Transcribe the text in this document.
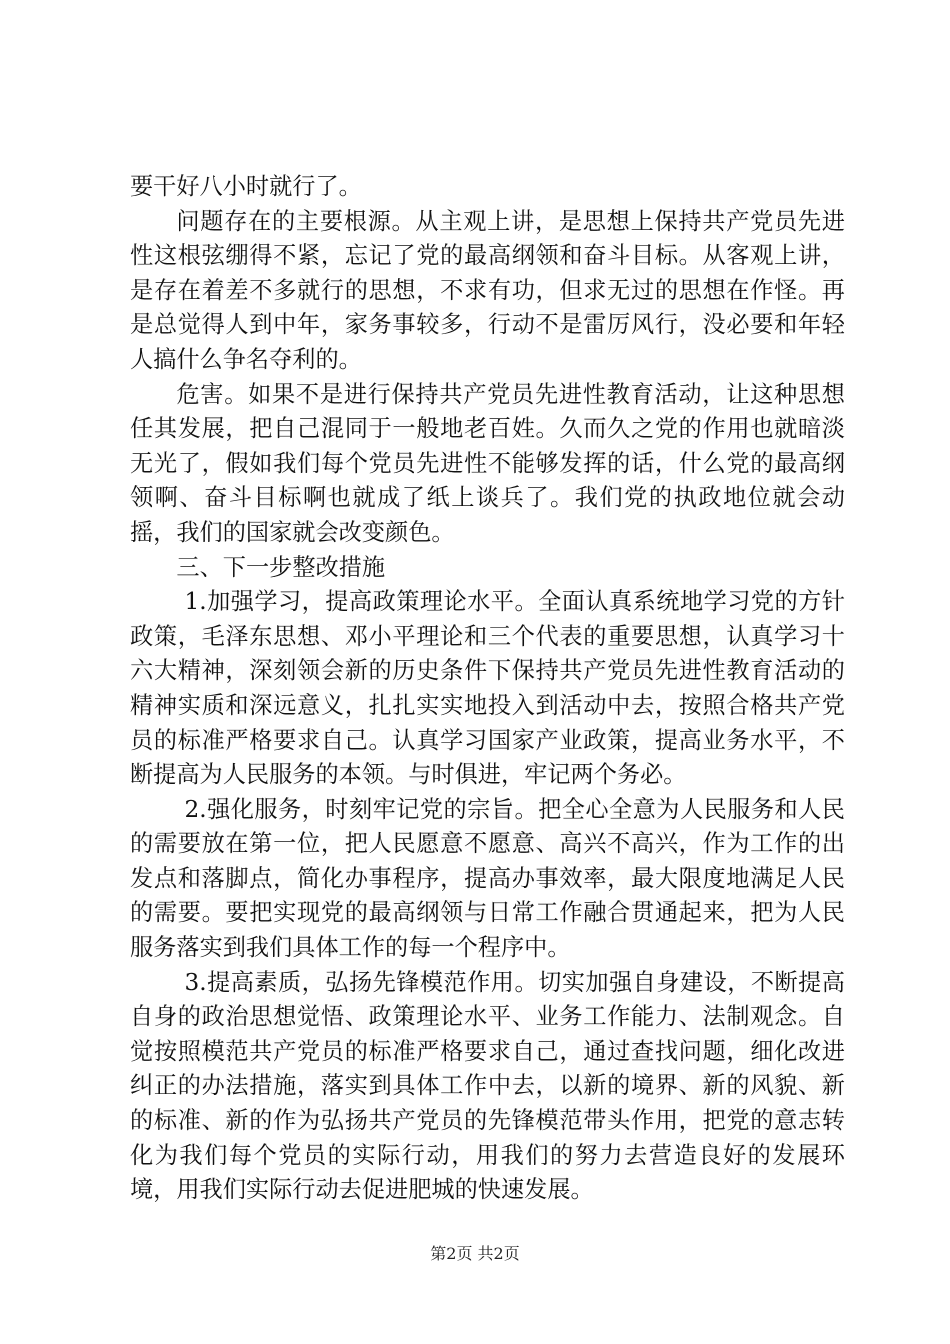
要干好八小时就行了。

问题存在的主要根源。从主观上讲，是思想上保持共产党员先进性这根弦绷得不紧，忘记了党的最高纲领和奋斗目标。从客观上讲，是存在着差不多就行的思想，不求有功，但求无过的思想在作怪。再是总觉得人到中年，家务事较多，行动不是雷厉风行，没必要和年轻人搞什么争名夺利的。

危害。如果不是进行保持共产党员先进性教育活动，让这种思想任其发展，把自己混同于一般地老百姓。久而久之党的作用也就暗淡无光了，假如我们每个党员先进性不能够发挥的话，什么党的最高纲领啊、奋斗目标啊也就成了纸上谈兵了。我们党的执政地位就会动摇，我们的国家就会改变颜色。

三、下一步整改措施

1.加强学习，提高政策理论水平。全面认真系统地学习党的方针政策，毛泽东思想、邓小平理论和三个代表的重要思想，认真学习十六大精神，深刻领会新的历史条件下保持共产党员先进性教育活动的精神实质和深远意义，扎扎实实地投入到活动中去，按照合格共产党员的标准严格要求自己。认真学习国家产业政策，提高业务水平，不断提高为人民服务的本领。与时俱进，牢记两个务必。

2.强化服务，时刻牢记党的宗旨。把全心全意为人民服务和人民的需要放在第一位，把人民愿意不愿意、高兴不高兴，作为工作的出发点和落脚点，简化办事程序，提高办事效率，最大限度地满足人民的需要。要把实现党的最高纲领与日常工作融合贯通起来，把为人民服务落实到我们具体工作的每一个程序中。

3.提高素质，弘扬先锋模范作用。切实加强自身建设，不断提高自身的政治思想觉悟、政策理论水平、业务工作能力、法制观念。自觉按照模范共产党员的标准严格要求自己，通过查找问题，细化改进纠正的办法措施，落实到具体工作中去，以新的境界、新的风貌、新的标准、新的作为弘扬共产党员的先锋模范带头作用，把党的意志转化为我们每个党员的实际行动，用我们的努力去营造良好的发展环境，用我们实际行动去促进肥城的快速发展。

第2页 共2页
